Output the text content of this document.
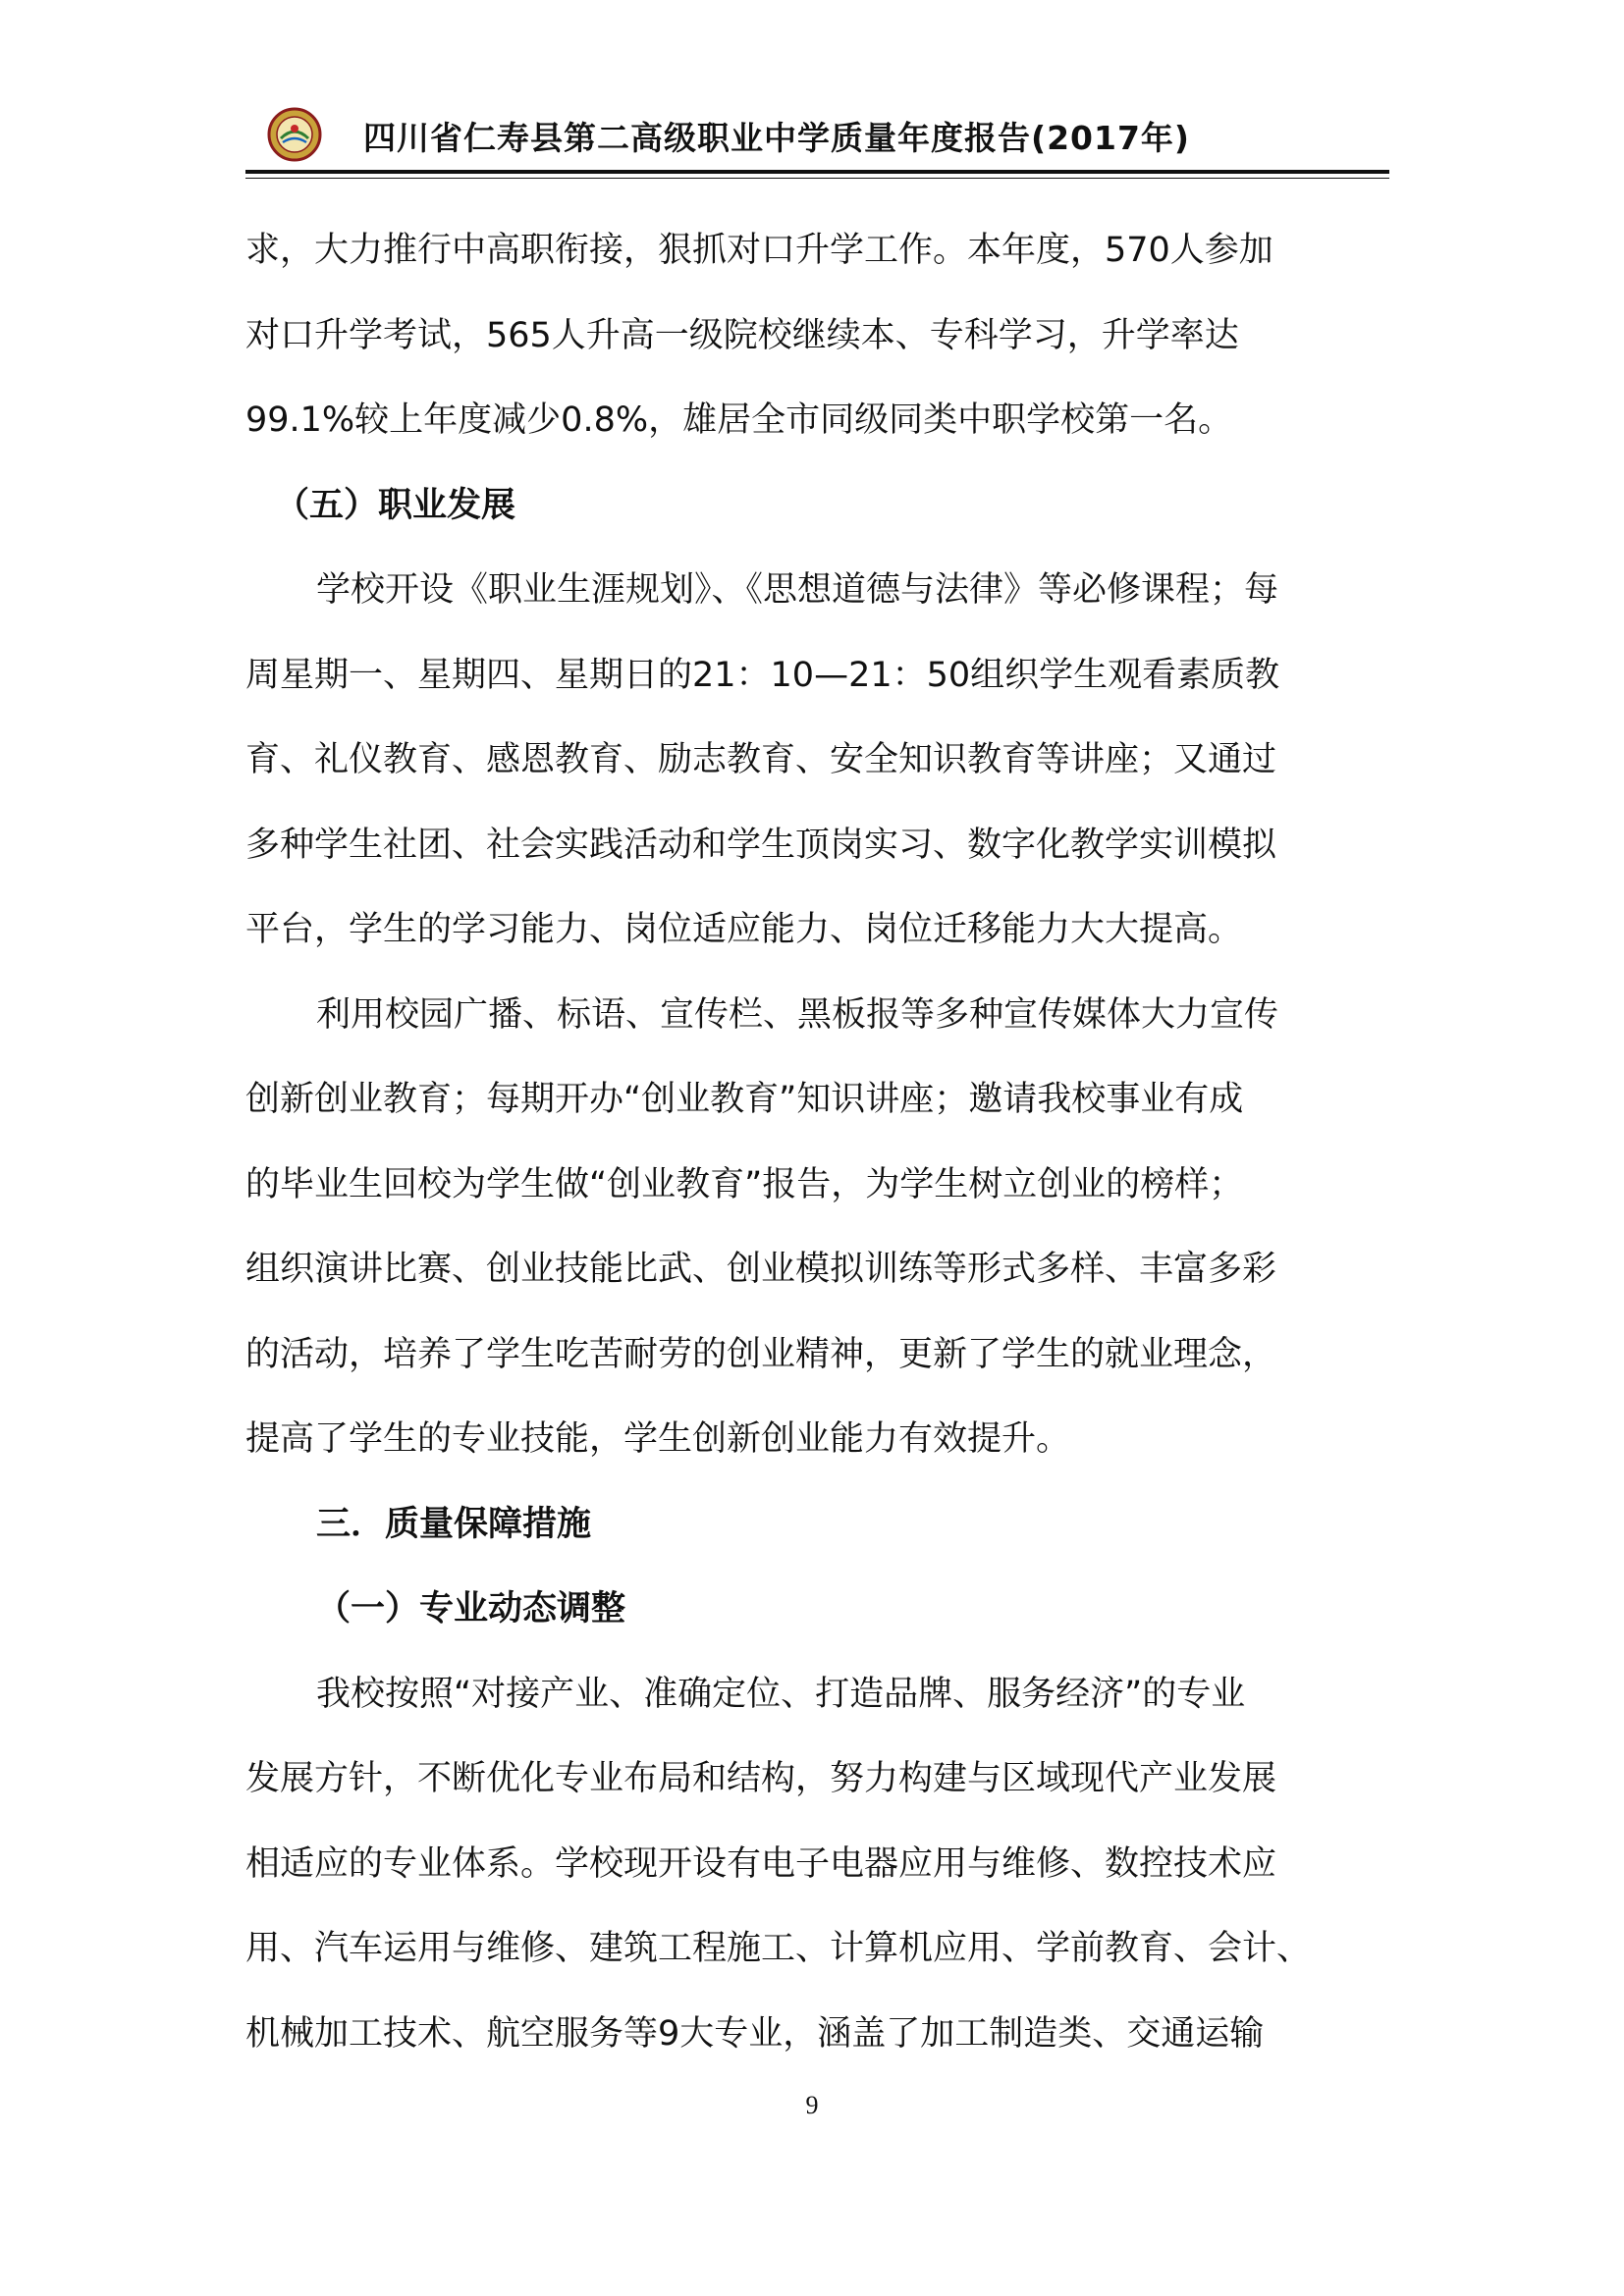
四川省仁寿县第二高级职业中学质量年度报告(2017年)

求，大力推行中高职衔接，狠抓对口升学工作。本年度，570人参加

对口升学考试，565人升高一级院校继续本、专科学习，升学率达

99.1%较上年度减少0.8%，雄居全市同级同类中职学校第一名。

（五）职业发展

学校开设《职业生涯规划》、《思想道德与法律》等必修课程；每

周星期一、星期四、星期日的21：10—21：50组织学生观看素质教

育、礼仪教育、感恩教育、励志教育、安全知识教育等讲座；又通过

多种学生社团、社会实践活动和学生顶岗实习、数字化教学实训模拟

平台，学生的学习能力、岗位适应能力、岗位迁移能力大大提高。

利用校园广播、标语、宣传栏、黑板报等多种宣传媒体大力宣传

创新创业教育；每期开办“创业教育”知识讲座；邀请我校事业有成

的毕业生回校为学生做“创业教育”报告，为学生树立创业的榜样；

组织演讲比赛、创业技能比武、创业模拟训练等形式多样、丰富多彩

的活动，培养了学生吃苦耐劳的创业精神，更新了学生的就业理念，

提高了学生的专业技能，学生创新创业能力有效提升。

三．质量保障措施

（一）专业动态调整

我校按照“对接产业、准确定位、打造品牌、服务经济”的专业

发展方针，不断优化专业布局和结构，努力构建与区域现代产业发展

相适应的专业体系。学校现开设有电子电器应用与维修、数控技术应

用、汽车运用与维修、建筑工程施工、计算机应用、学前教育、会计、

机械加工技术、航空服务等9大专业，涵盖了加工制造类、交通运输

9
